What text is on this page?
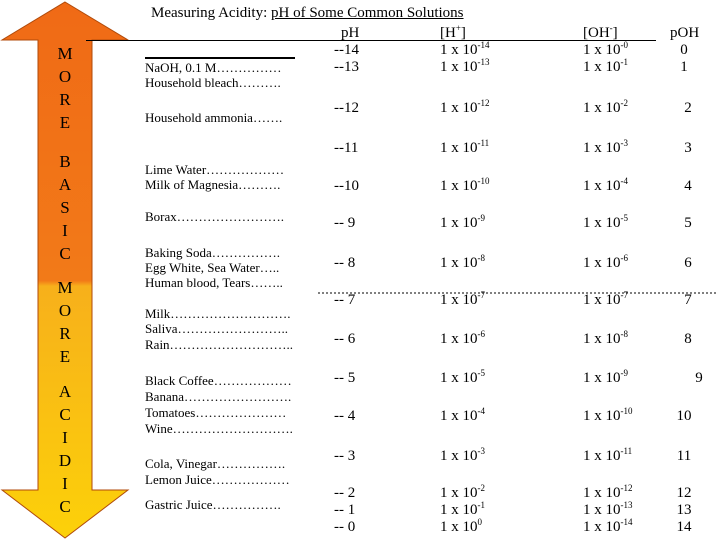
M
O
R
E
B
A
S
I
C
M
O
R
E
A
C
I
D
I
C
Measuring Acidity: pH of Some Common Solutions
pH	[H+]	[OH-]	pOH
NaOH, 0.1 M……………
Household bleach……….
Household ammonia…….
Lime Water………………
Milk of Magnesia……….
Borax…………………….
Baking Soda…………….
Egg White, Sea Water…..
Human blood, Tears……..
Milk……………………….
Saliva……………………..
Rain………………………..
Black Coffee………………
Banana…………………….
Tomatoes…………………
Wine……………………….
Cola, Vinegar…………….
Lemon Juice………………
Gastric Juice…………….
--14	1 x $10^{-14}$	1 x $10^{-0}$	0
--13	1 x $10^{-13}$	1 x $10^{-1}$	1
--12	1 x $10^{-12}$	1 x $10^{-2}$	2
--11	1 x $10^{-11}$	1 x $10^{-3}$	3
--10	1 x $10^{-10}$	1 x $10^{-4}$	4
-- 9	1 x $10^{-9}$	1 x $10^{-5}$	5
-- 8	1 x $10^{-8}$	1 x $10^{-6}$	6
-- 7	1 x $10^{-7}$	1 x $10^{-7}$	7
-- 6	1 x $10^{-6}$	1 x $10^{-8}$	8
-- 5	1 x $10^{-5}$	1 x $10^{-9}$	9
-- 4	1 x $10^{-4}$	1 x $10^{-10}$	10
-- 3	1 x $10^{-3}$	1 x $10^{-11}$	11
-- 2	1 x $10^{-2}$	1 x $10^{-12}$	12
-- 1	1 x $10^{-1}$	1 x $10^{-13}$	13
-- 0	1 x $10^0$	1 x $10^{-14}$	14
